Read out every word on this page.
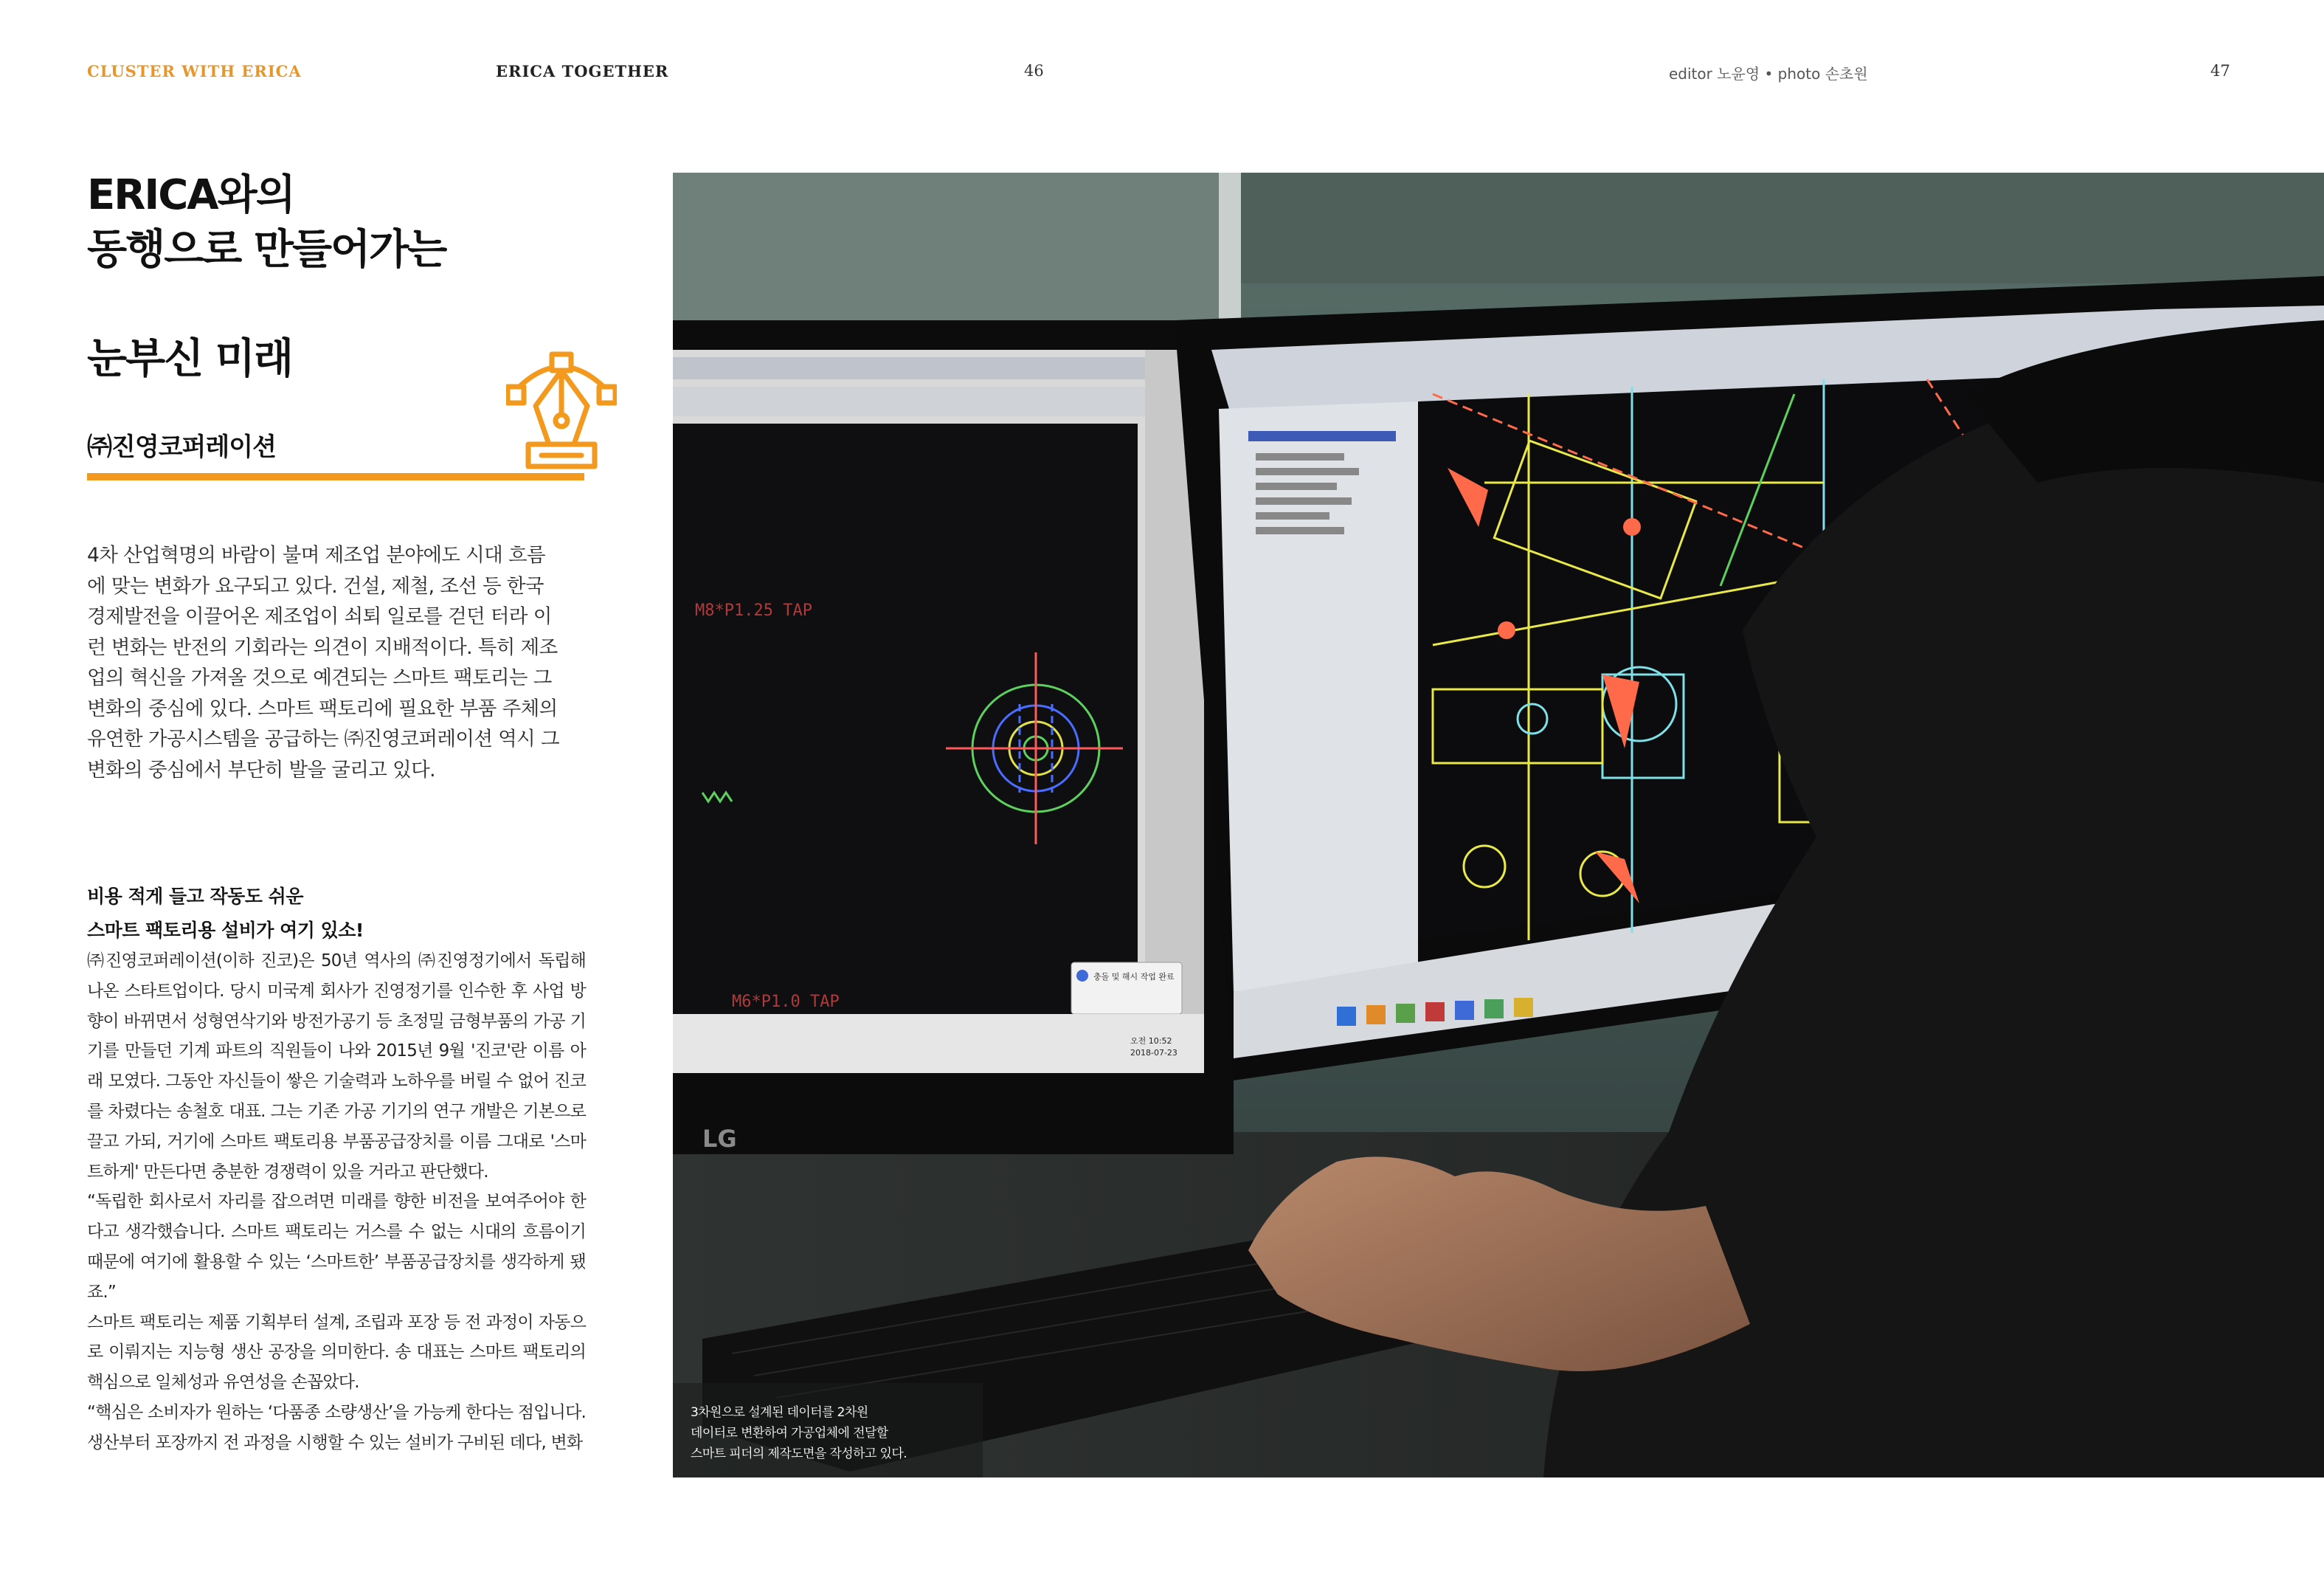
CLUSTER WITH ERICA	ERICA TOGETHER	46	editor 노윤영 • photo 손초원	47
ERICA와의
동행으로 만들어가는
눈부신 미래
㈜진영코퍼레이션
4차 산업혁명의 바람이 불며 제조업 분야에도 시대 흐름에 맞는 변화가 요구되고 있다. 건설, 제철, 조선 등 한국 경제발전을 이끌어온 제조업이 쇠퇴 일로를 걷던 터라 이런 변화는 반전의 기회라는 의견이 지배적이다. 특히 제조업의 혁신을 가져올 것으로 예견되는 스마트 팩토리는 그 변화의 중심에 있다. 스마트 팩토리에 필요한 부품 주체의 유연한 가공시스템을 공급하는 ㈜진영코퍼레이션 역시 그 변화의 중심에서 부단히 발을 굴리고 있다.
비용 적게 들고 작동도 쉬운
스마트 팩토리용 설비가 여기 있소!

㈜진영코퍼레이션(이하 진코)은 50년 역사의 ㈜진영정기에서 독립해 나온 스타트업이다. 당시 미국계 회사가 진영정기를 인수한 후 사업 방향이 바뀌면서 성형연삭기와 방전가공기 등 초정밀 금형부품의 가공 기기를 만들던 기계 파트의 직원들이 나와 2015년 9월 '진코'란 이름 아래 모였다. 그동안 자신들이 쌓은 기술력과 노하우를 버릴 수 없어 진코를 차렸다는 송철호 대표. 그는 기존 가공 기기의 연구 개발은 기본으로 끌고 가되, 거기에 스마트 팩토리용 부품공급장치를 이름 그대로 '스마트하게' 만든다면 충분한 경쟁력이 있을 거라고 판단했다.

“독립한 회사로서 자리를 잡으려면 미래를 향한 비전을 보여주어야 한다고 생각했습니다. 스마트 팩토리는 거스를 수 없는 시대의 흐름이기 때문에 여기에 활용할 수 있는 ‘스마트한’ 부품공급장치를 생각하게 됐죠.”

스마트 팩토리는 제품 기획부터 설계, 조립과 포장 등 전 과정이 자동으로 이뤄지는 지능형 생산 공장을 의미한다. 송 대표는 스마트 팩토리의 핵심으로 일체성과 유연성을 손꼽았다.

“핵심은 소비자가 원하는 ‘다품종 소량생산’을 가능케 한다는 점입니다. 생산부터 포장까지 전 과정을 시행할 수 있는 설비가 구비된 데다, 변화

M8*P1.25 TAP
M6*P1.0 TAP
충돌 및 해시 작업 완료
오전 10:52
2018-07-23
LG
3차원으로 설계된 데이터를 2차원
데이터로 변환하여 가공업체에 전달할
스마트 피더의 제작도면을 작성하고 있다.
